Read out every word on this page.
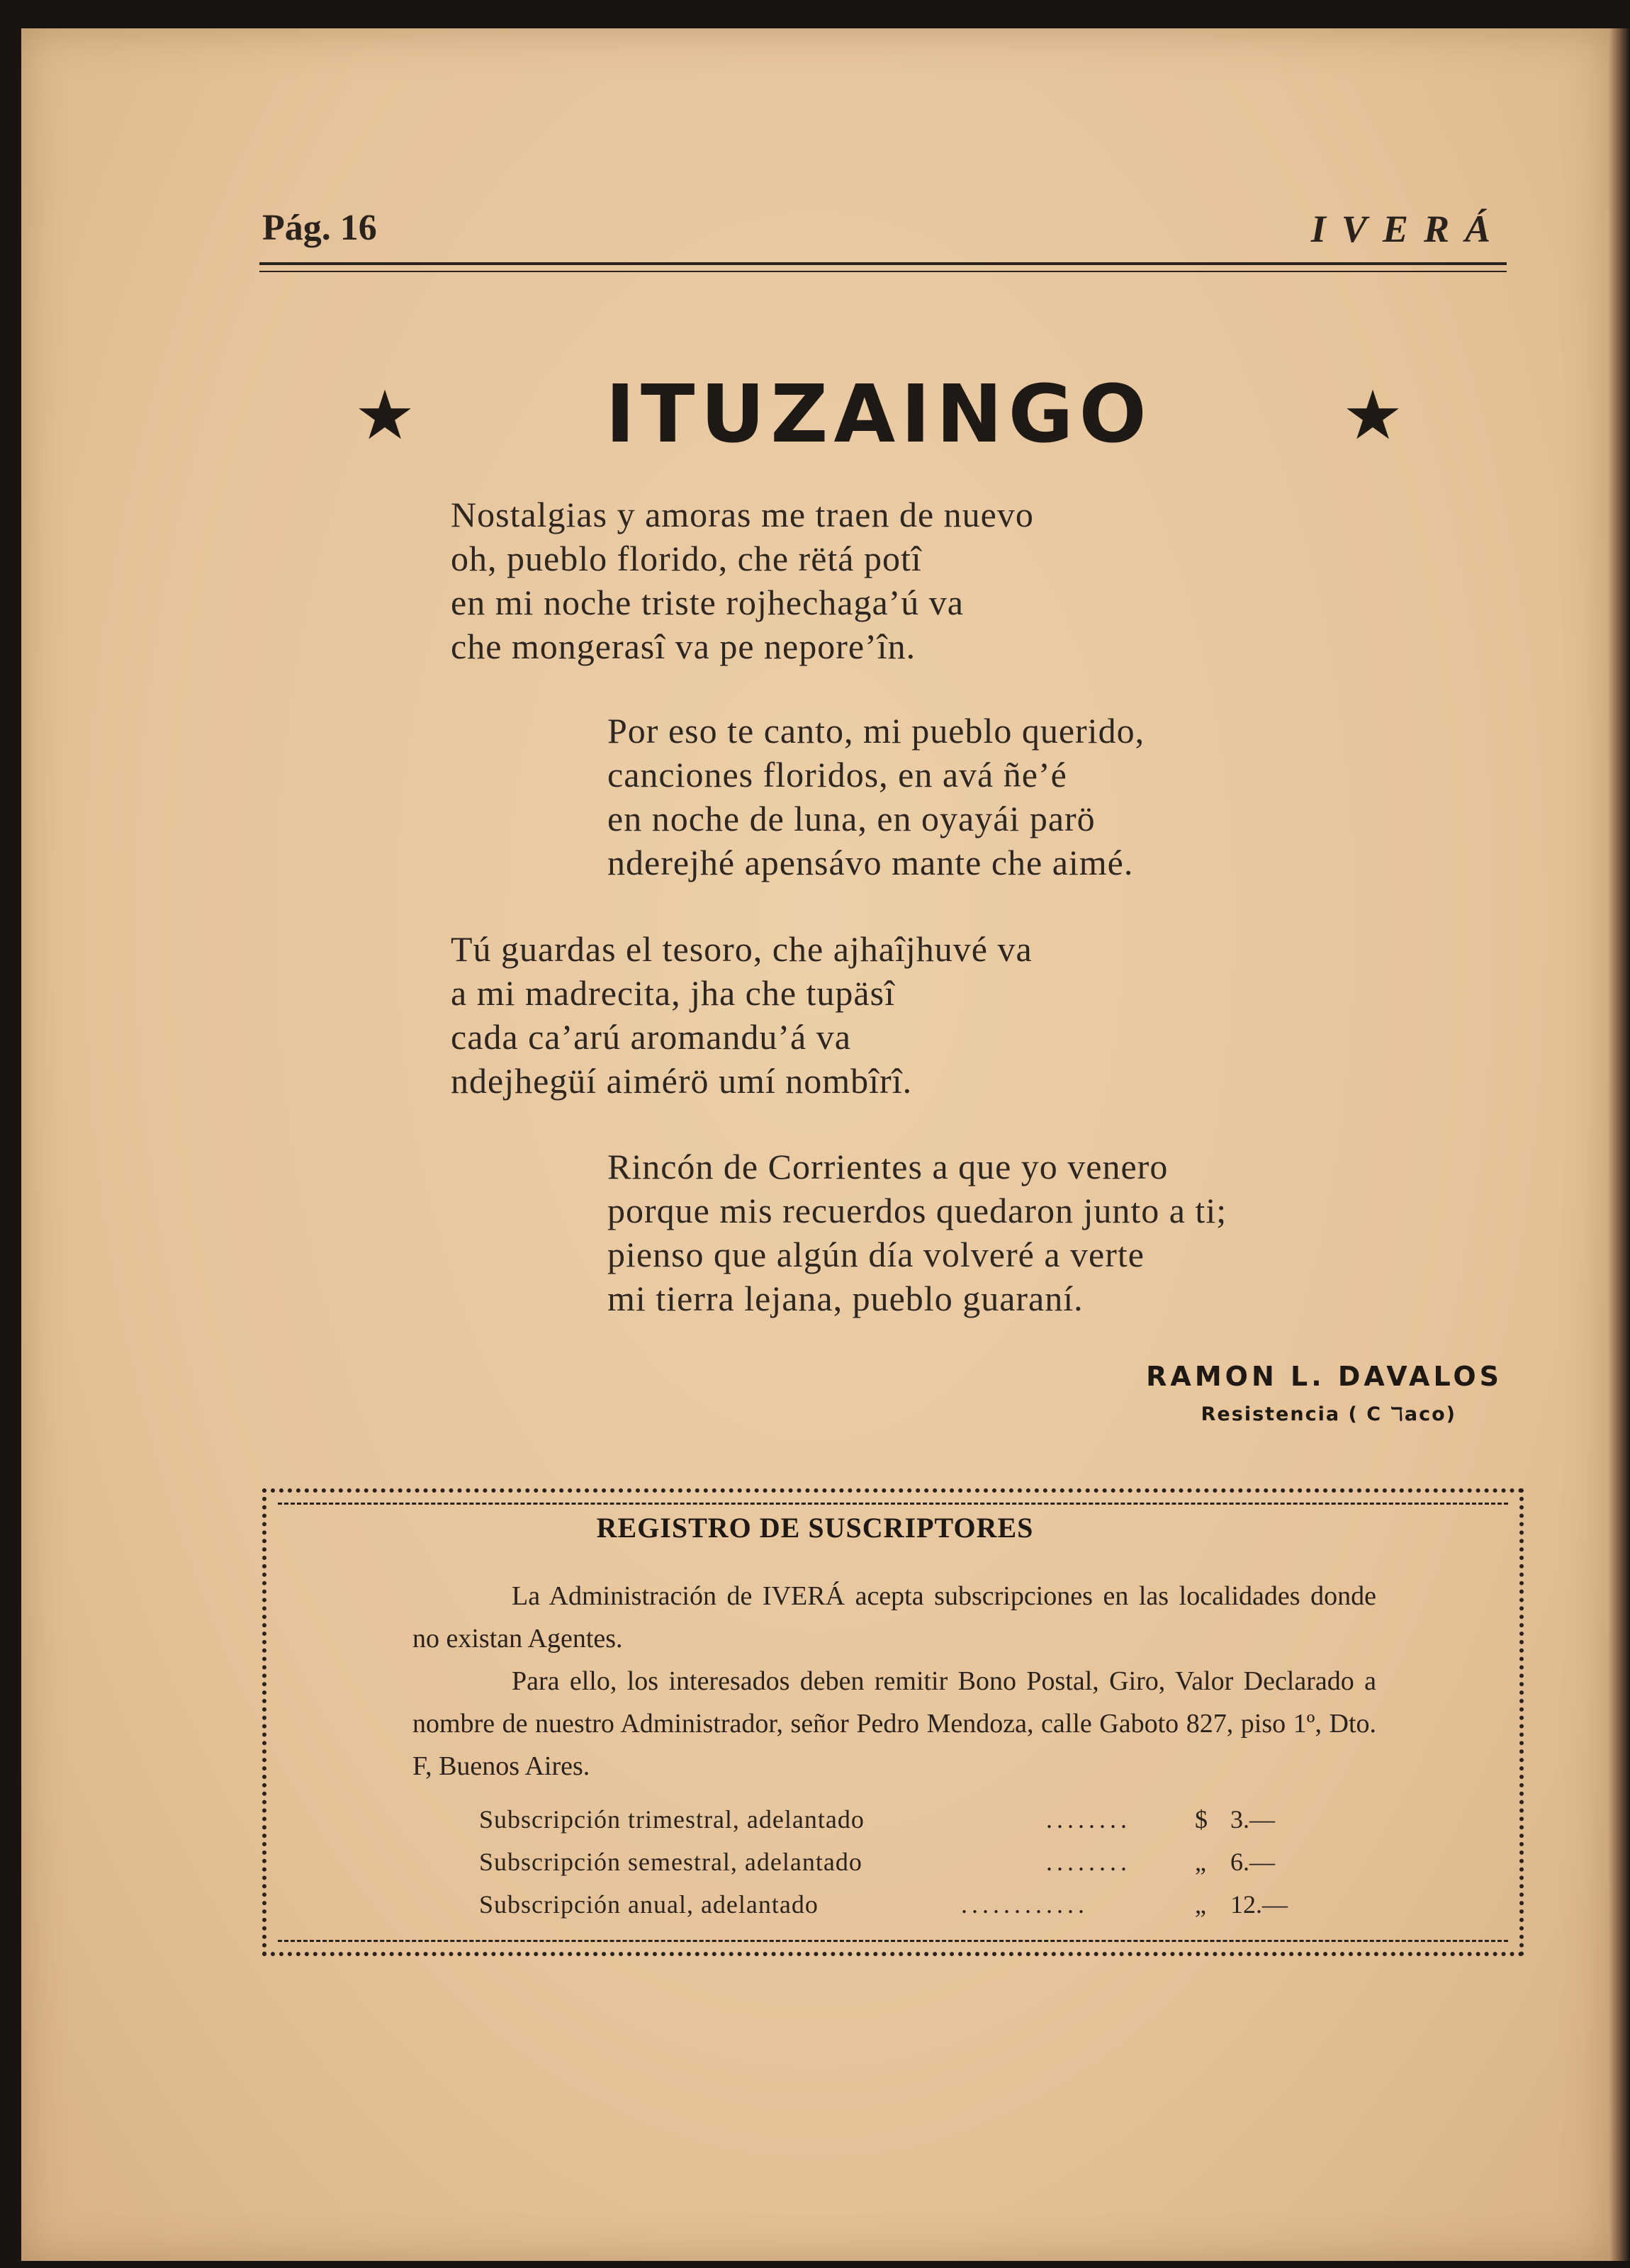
Pág. 16	IVERÁ
★	ITUZAINGO	★
Nostalgias y amoras me traen de nuevo
oh, pueblo florido, che rëtá potî
en mi noche triste rojhechaga’ú va
che mongerasî va pe nepore’în.
Por eso te canto, mi pueblo querido,
canciones floridos, en avá ñe’é
en noche de luna, en oyayái parö
nderejhé apensávo mante che aimé.
Tú guardas el tesoro, che ajhaîjhuvé va
a mi madrecita, jha che tupäsî
cada ca’arú aromandu’á va
ndejhegüí aimérö umí nombîrî.
Rincón de Corrientes a que yo venero
porque mis recuerdos quedaron junto a ti;
pienso que algún día volveré a verte
mi tierra lejana, pueblo guaraní.
RAMON L. DAVALOS
Resistencia ( C ℸaco)
REGISTRO DE SUSCRIPTORES
La Administración de IVERÁ acepta subscripciones en las localidades donde no existan Agentes.
Para ello, los interesados deben remitir Bono Postal, Giro, Valor Declarado a nombre de nuestro Administrador, señor Pedro Mendoza, calle Gaboto 827, piso 1º, Dto. F, Buenos Aires.
Subscripción trimestral, adelantado	........	$ 3.—
Subscripción semestral, adelantado	........	„ 6.—
Subscripción anual, adelantado	............	„ 12.—
